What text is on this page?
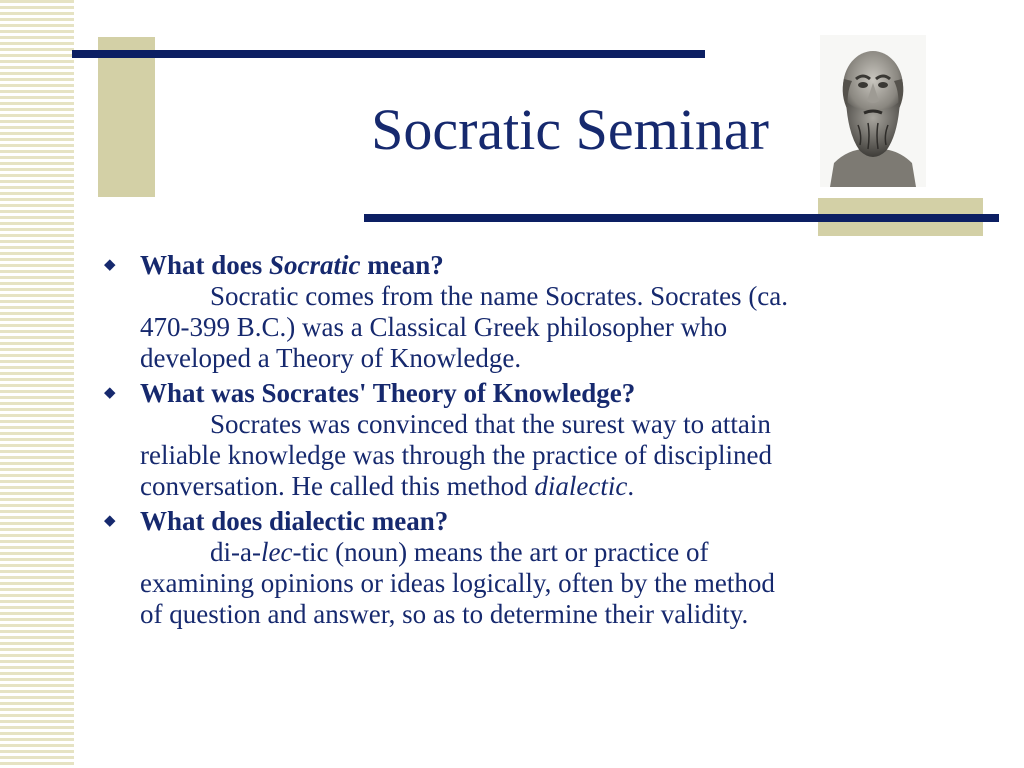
Socratic Seminar
◆ What does Socratic mean?
Socratic comes from the name Socrates. Socrates (ca.
470-399 B.C.) was a Classical Greek philosopher who
developed a Theory of Knowledge.
◆ What was Socrates' Theory of Knowledge?
Socrates was convinced that the surest way to attain
reliable knowledge was through the practice of disciplined
conversation. He called this method dialectic.
◆ What does dialectic mean?
di-a-lec-tic (noun) means the art or practice of
examining opinions or ideas logically, often by the method
of question and answer, so as to determine their validity.
